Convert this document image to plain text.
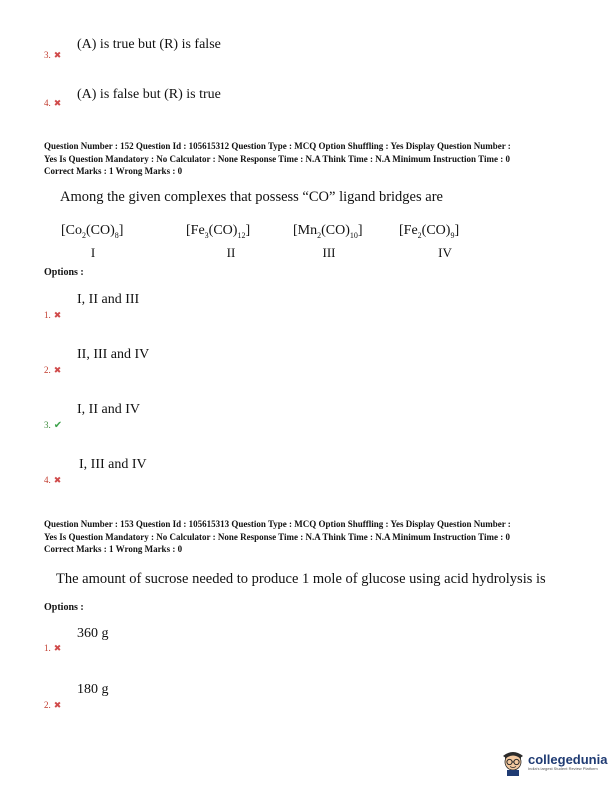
(A) is true but (R) is false
3. ✖
(A) is false but (R) is true
4. ✖
Question Number : 152 Question Id : 105615312 Question Type : MCQ Option Shuffling : Yes Display Question Number :
Yes Is Question Mandatory : No Calculator : None Response Time : N.A Think Time : N.A Minimum Instruction Time : 0
Correct Marks : 1 Wrong Marks : 0
Among the given complexes that possess “CO” ligand bridges are
$[Co_2(CO)_8]$
I
$[Fe_3(CO)_{12}]$
II
$[Mn_2(CO)_{10}]$
III
$[Fe_2(CO)_9]$
IV
Options :
I, II and III
1. ✖
II, III and IV
2. ✖
I, II and IV
3. ✔
I, III and IV
4. ✖
Question Number : 153 Question Id : 105615313 Question Type : MCQ Option Shuffling : Yes Display Question Number :
Yes Is Question Mandatory : No Calculator : None Response Time : N.A Think Time : N.A Minimum Instruction Time : 0
Correct Marks : 1 Wrong Marks : 0
The amount of sucrose needed to produce 1 mole of glucose using acid hydrolysis is
Options :
360 g
1. ✖
180 g
2. ✖
collegedunia
India's largest Student Review Platform
